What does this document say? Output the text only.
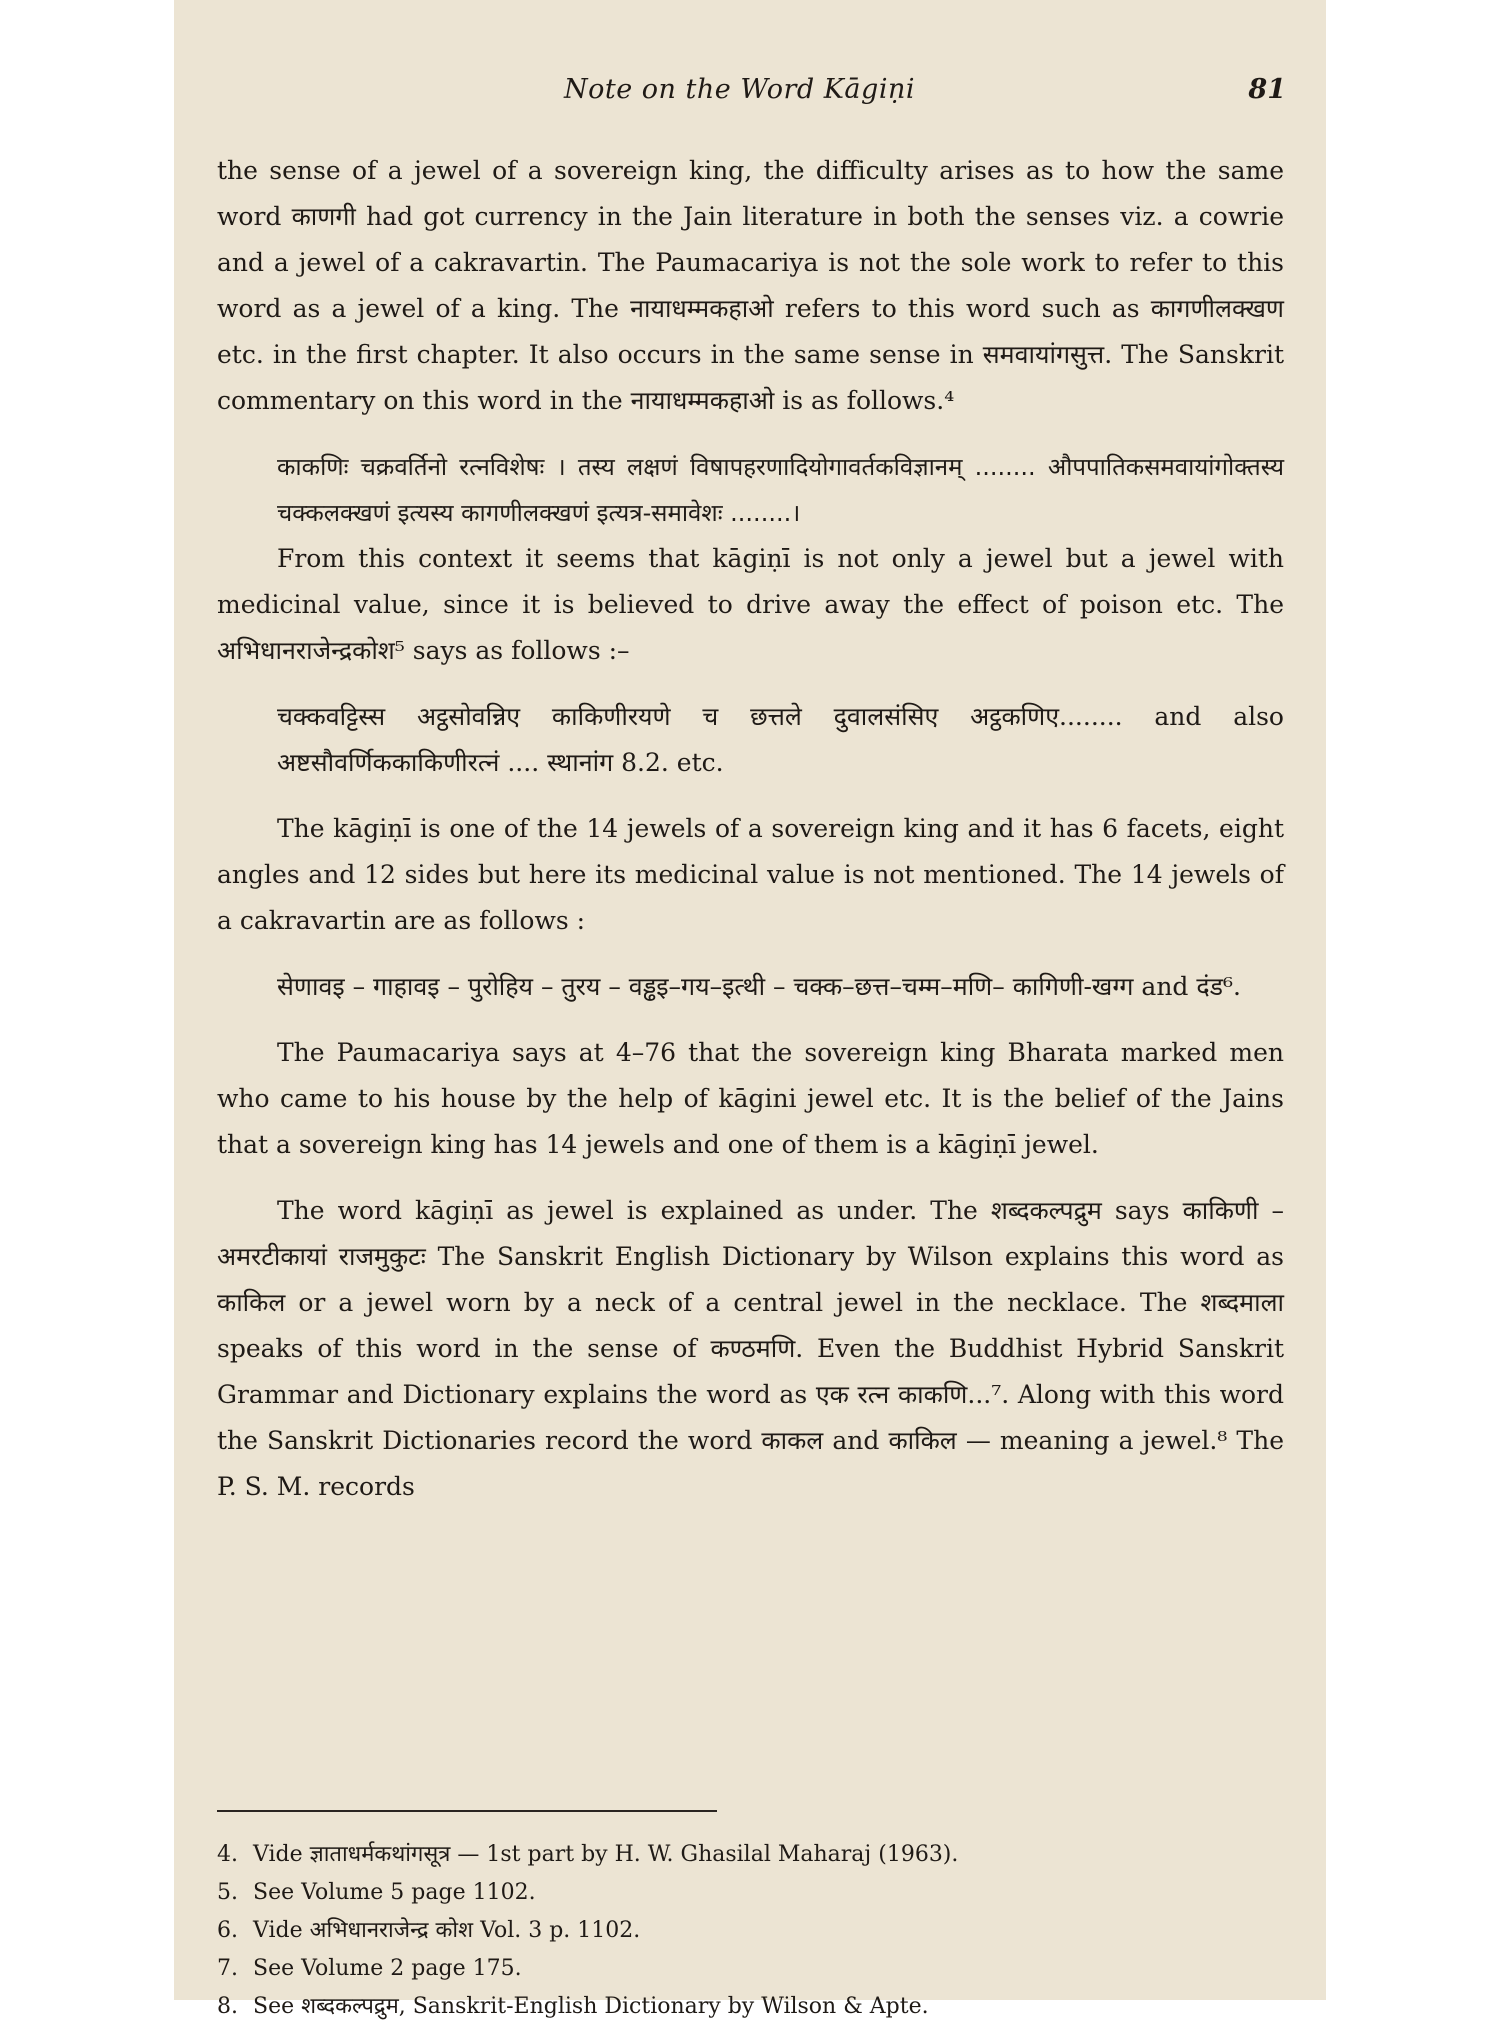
Note on the Word Kāgiṇi	81

the sense of a jewel of a sovereign king, the difficulty arises as to how the same word काणगी had got currency in the Jain literature in both the senses viz. a cowrie and a jewel of a cakravartin. The Paumacariya is not the sole work to refer to this word as a jewel of a king. The नायाधम्मकहाओ refers to this word such as कागणीलक्खण etc. in the first chapter. It also occurs in the same sense in समवायांगसुत्त. The Sanskrit commentary on this word in the नायाधम्मकहाओ is as follows.⁴

काकणिः चक्रवर्तिनो रत्नविशेषः । तस्य लक्षणं विषापहरणादियोगावर्तकविज्ञानम् ........ औपपातिकसमवायांगोक्तस्य चक्कलक्खणं इत्यस्य कागणीलक्खणं इत्यत्र-समावेशः ........।

From this context it seems that kāgiṇī is not only a jewel but a jewel with medicinal value, since it is believed to drive away the effect of poison etc. The अभिधानराजेन्द्रकोश⁵ says as follows :–

चक्कवट्टिस्स अट्ठसोवन्निए काकिणीरयणे च छत्तले दुवालसंसिए अट्ठकणिए........ and also अष्टसौवर्णिककाकिणीरत्नं .... स्थानांग 8.2. etc.

The kāgiṇī is one of the 14 jewels of a sovereign king and it has 6 facets, eight angles and 12 sides but here its medicinal value is not mentioned. The 14 jewels of a cakravartin are as follows :

सेणावइ – गाहावइ – पुरोहिय – तुरय – वड्ढइ–गय–इत्थी – चक्क–छत्त–चम्म–मणि– कागिणी-खग्ग and दंड⁶.

The Paumacariya says at 4–76 that the sovereign king Bharata marked men who came to his house by the help of kāgini jewel etc. It is the belief of the Jains that a sovereign king has 14 jewels and one of them is a kāgiṇī jewel.

The word kāgiṇī as jewel is explained as under. The शब्दकल्पद्रुम says काकिणी – अमरटीकायां राजमुकुटः The Sanskrit English Dictionary by Wilson explains this word as काकिल or a jewel worn by a neck of a central jewel in the necklace. The शब्दमाला speaks of this word in the sense of कण्ठमणि. Even the Buddhist Hybrid Sanskrit Grammar and Dictionary explains the word as एक रत्न काकणि...⁷. Along with this word the Sanskrit Dictionaries record the word काकल and काकिल — meaning a jewel.⁸ The P. S. M. records

4. Vide ज्ञाताधर्मकथांगसूत्र — 1st part by H. W. Ghasilal Maharaj (1963).
5. See Volume 5 page 1102.
6. Vide अभिधानराजेन्द्र कोश Vol. 3 p. 1102.
7. See Volume 2 page 175.
8. See शब्दकल्पद्रुम, Sanskrit-English Dictionary by Wilson & Apte.
